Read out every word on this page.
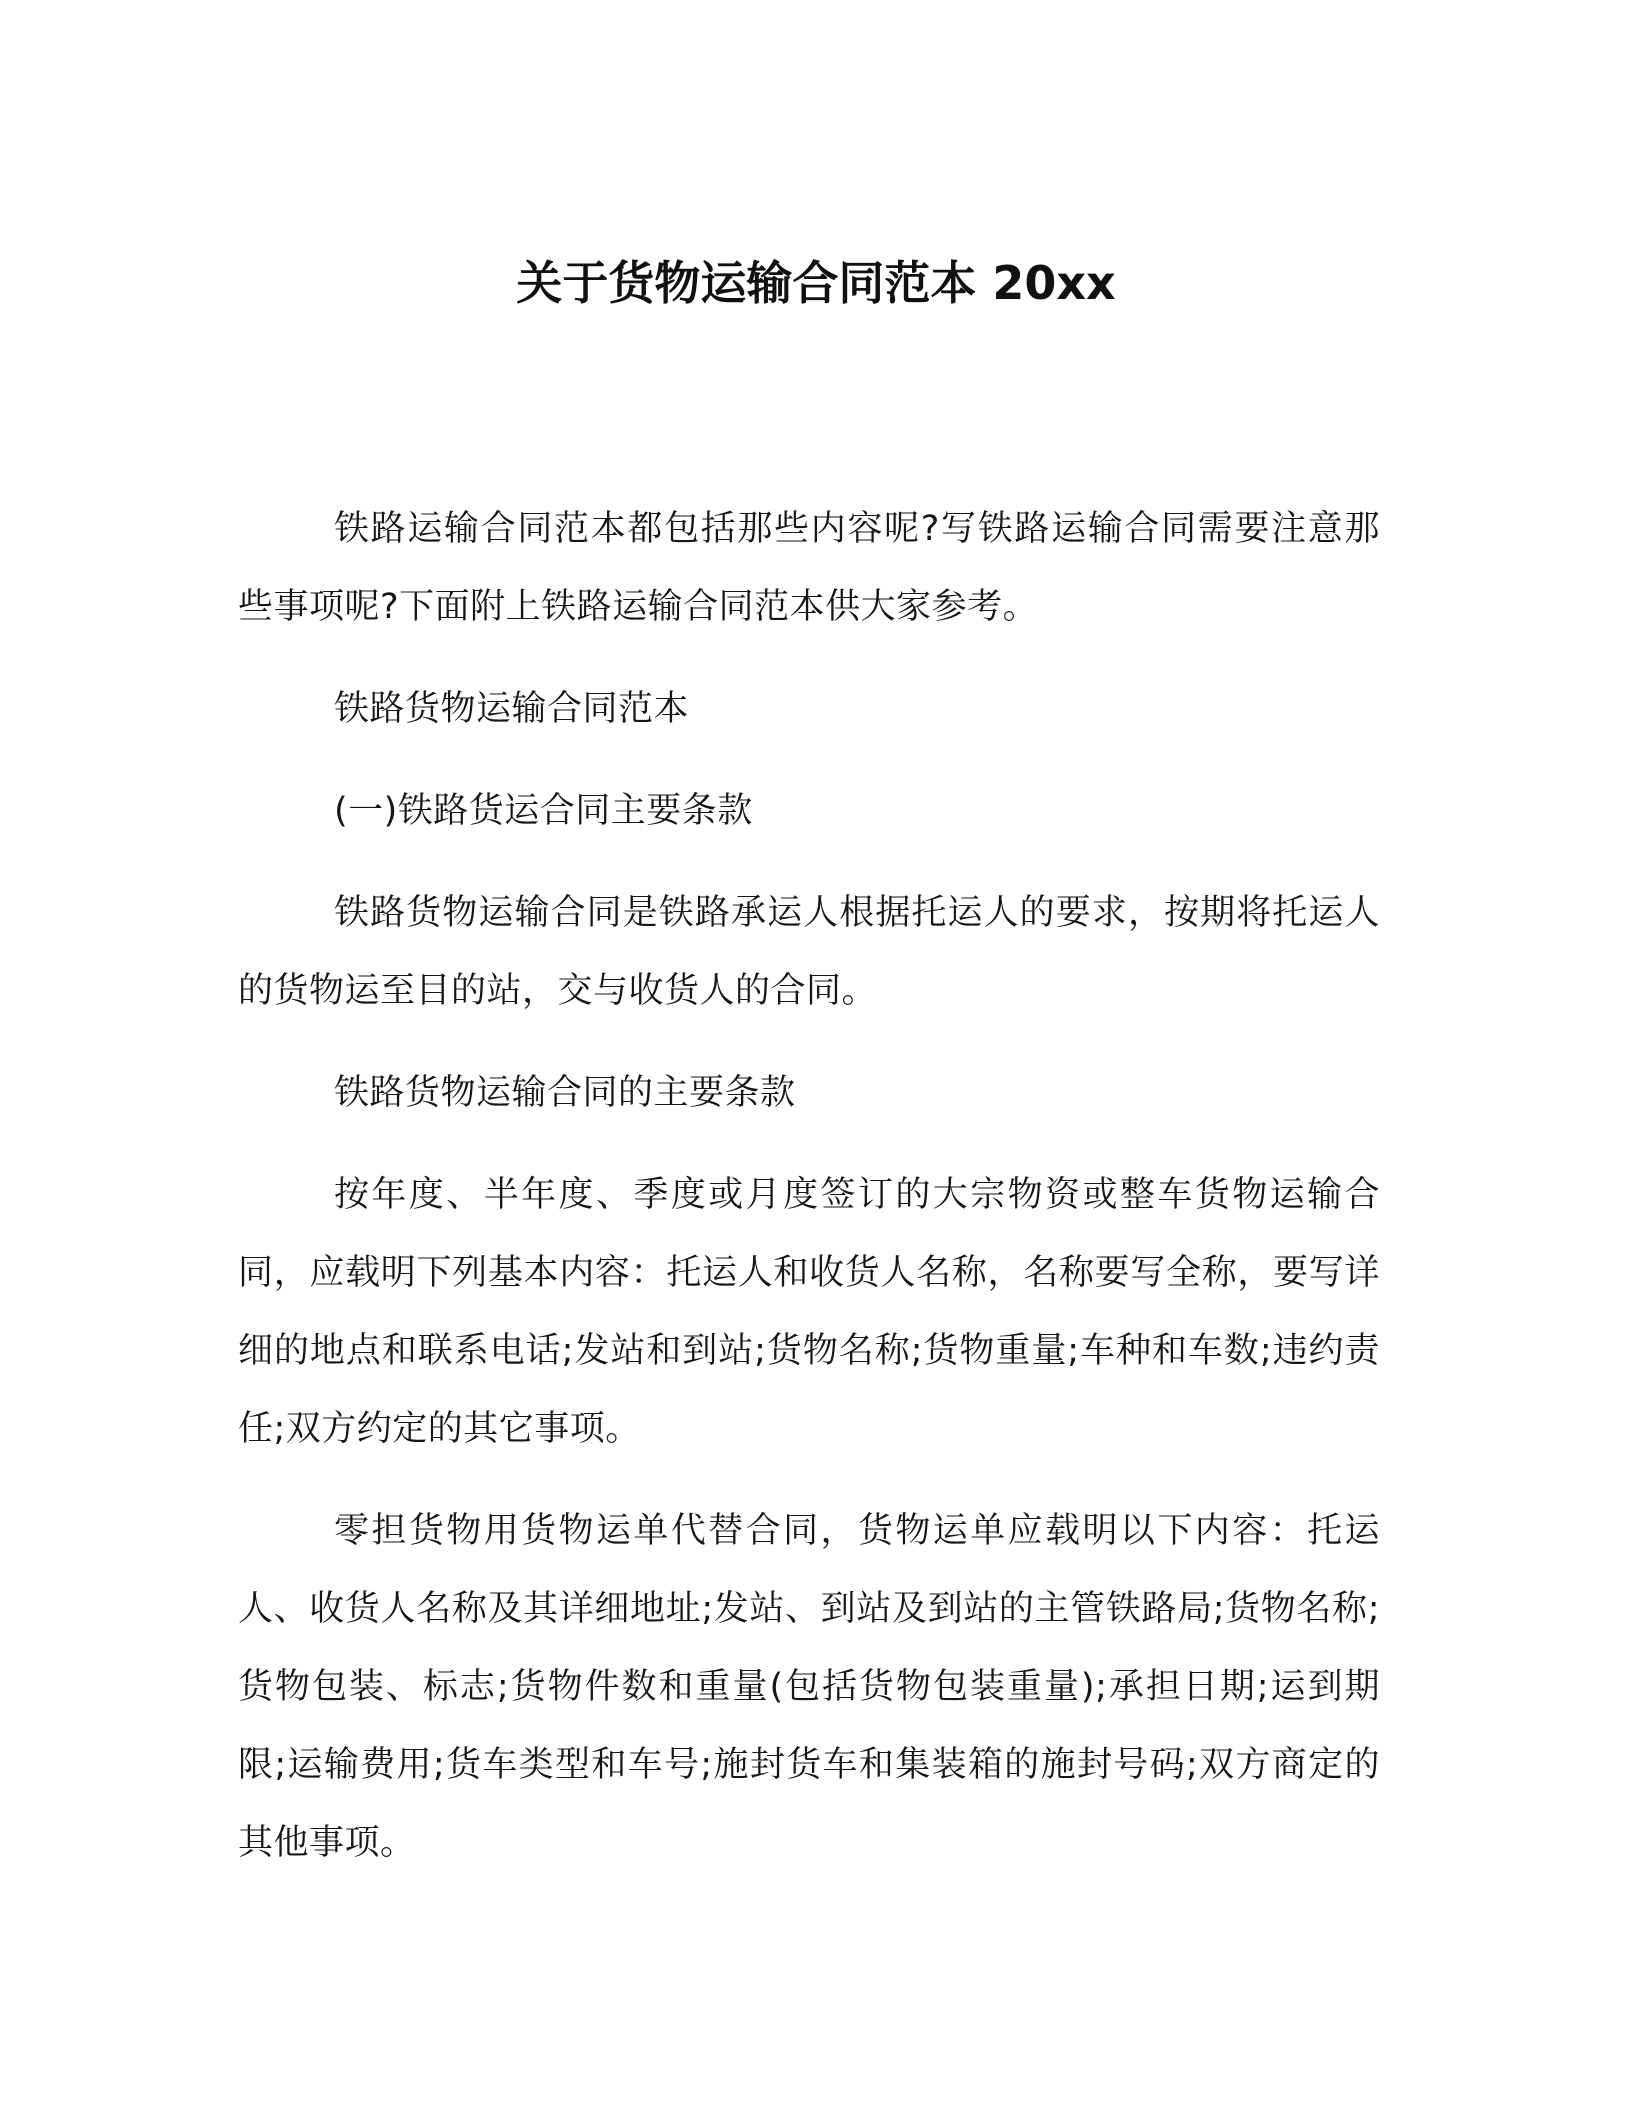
关于货物运输合同范本 20xx

铁路运输合同范本都包括那些内容呢?写铁路运输合同需要注意那些事项呢?下面附上铁路运输合同范本供大家参考。

铁路货物运输合同范本

(一)铁路货运合同主要条款

铁路货物运输合同是铁路承运人根据托运人的要求，按期将托运人的货物运至目的站，交与收货人的合同。

铁路货物运输合同的主要条款

按年度、半年度、季度或月度签订的大宗物资或整车货物运输合同，应载明下列基本内容：托运人和收货人名称，名称要写全称，要写详细的地点和联系电话;发站和到站;货物名称;货物重量;车种和车数;违约责任;双方约定的其它事项。

零担货物用货物运单代替合同，货物运单应载明以下内容：托运人、收货人名称及其详细地址;发站、到站及到站的主管铁路局;货物名称;货物包装、标志;货物件数和重量(包括货物包装重量);承担日期;运到期限;运输费用;货车类型和车号;施封货车和集装箱的施封号码;双方商定的其他事项。
